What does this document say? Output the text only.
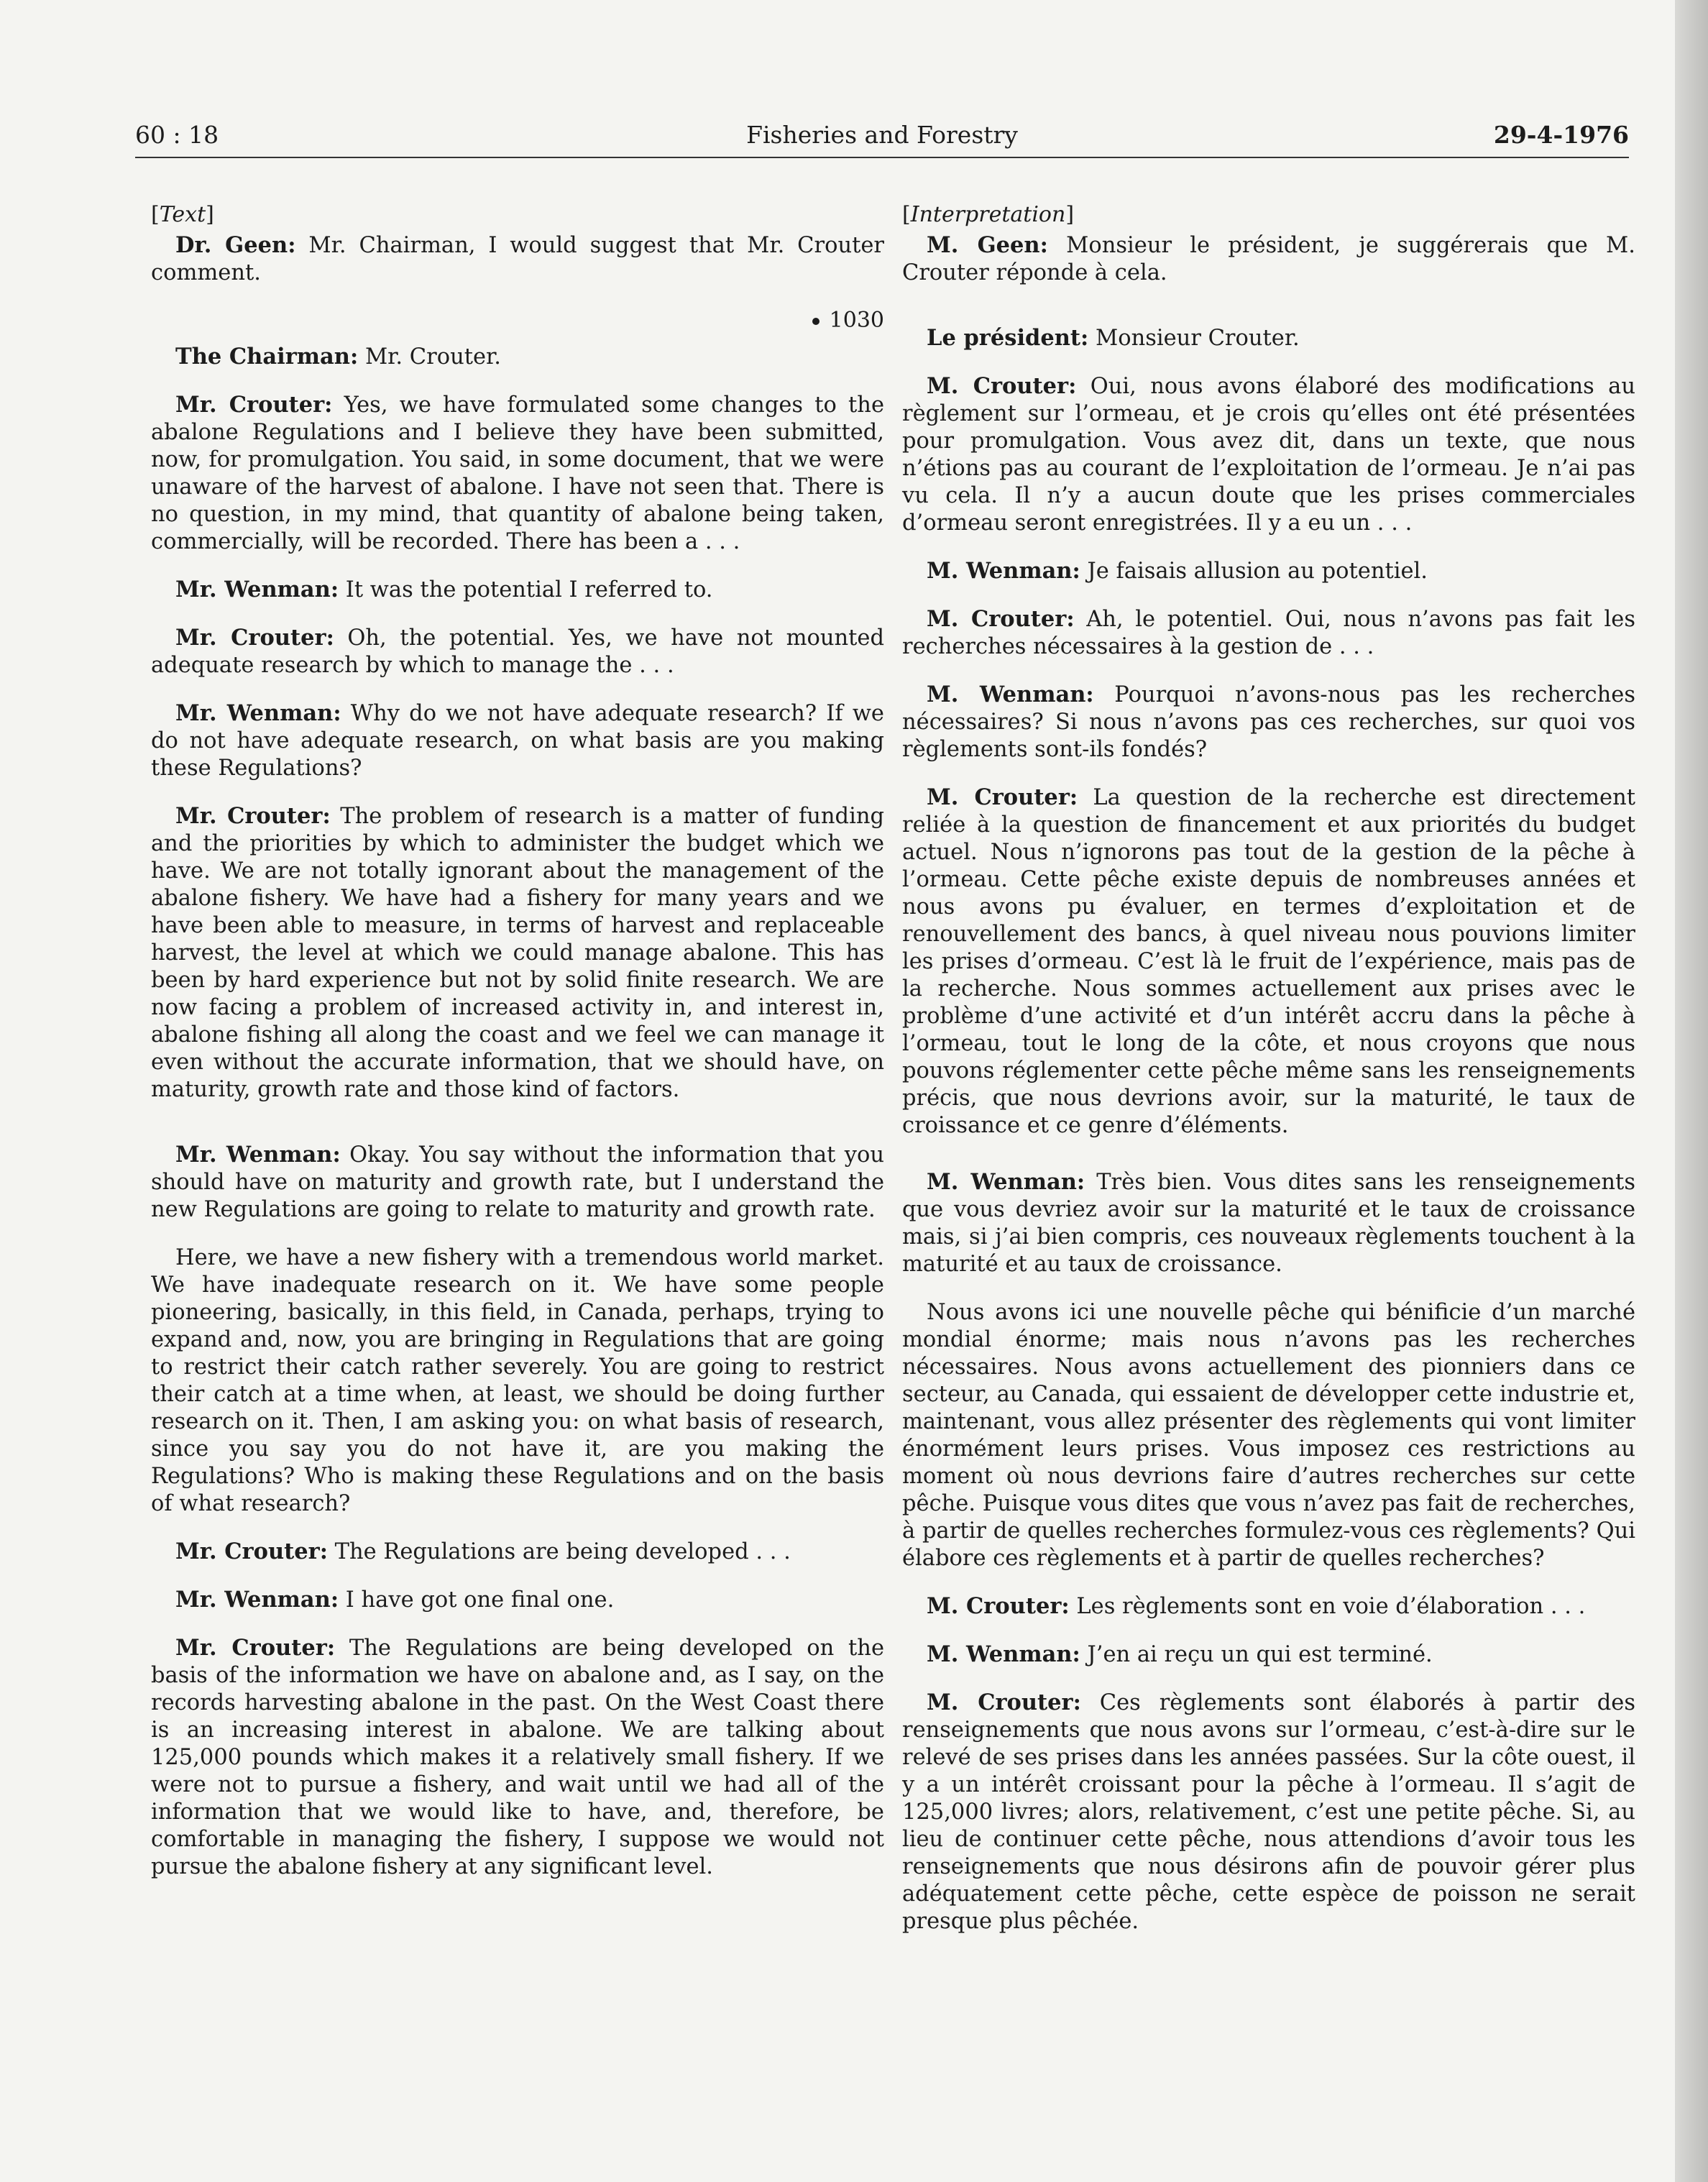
60 : 18	Fisheries and Forestry	29-4-1976
[Text]

Dr. Geen: Mr. Chairman, I would suggest that Mr. Crouter comment.

1030

The Chairman: Mr. Crouter.

Mr. Crouter: Yes, we have formulated some changes to the abalone Regulations and I believe they have been submitted, now, for promulgation. You said, in some document, that we were unaware of the harvest of abalone. I have not seen that. There is no question, in my mind, that quantity of abalone being taken, commercially, will be recorded. There has been a . . .

Mr. Wenman: It was the potential I referred to.

Mr. Crouter: Oh, the potential. Yes, we have not mounted adequate research by which to manage the . . .

Mr. Wenman: Why do we not have adequate research? If we do not have adequate research, on what basis are you making these Regulations?

Mr. Crouter: The problem of research is a matter of funding and the priorities by which to administer the budget which we have. We are not totally ignorant about the management of the abalone fishery. We have had a fishery for many years and we have been able to measure, in terms of harvest and replaceable harvest, the level at which we could manage abalone. This has been by hard experience but not by solid finite research. We are now facing a problem of increased activity in, and interest in, abalone fishing all along the coast and we feel we can manage it even without the accurate information, that we should have, on maturity, growth rate and those kind of factors.

Mr. Wenman: Okay. You say without the information that you should have on maturity and growth rate, but I understand the new Regulations are going to relate to maturity and growth rate.

Here, we have a new fishery with a tremendous world market. We have inadequate research on it. We have some people pioneering, basically, in this field, in Canada, perhaps, trying to expand and, now, you are bringing in Regulations that are going to restrict their catch rather severely. You are going to restrict their catch at a time when, at least, we should be doing further research on it. Then, I am asking you: on what basis of research, since you say you do not have it, are you making the Regulations? Who is making these Regulations and on the basis of what research?

Mr. Crouter: The Regulations are being developed . . .

Mr. Wenman: I have got one final one.

Mr. Crouter: The Regulations are being developed on the basis of the information we have on abalone and, as I say, on the records harvesting abalone in the past. On the West Coast there is an increasing interest in abalone. We are talking about 125,000 pounds which makes it a relatively small fishery. If we were not to pursue a fishery, and wait until we had all of the information that we would like to have, and, therefore, be comfortable in managing the fishery, I suppose we would not pursue the abalone fishery at any significant level.

[Interpretation]

M. Geen: Monsieur le président, je suggérerais que M. Crouter réponde à cela.

Le président: Monsieur Crouter.

M. Crouter: Oui, nous avons élaboré des modifications au règlement sur l’ormeau, et je crois qu’elles ont été présentées pour promulgation. Vous avez dit, dans un texte, que nous n’étions pas au courant de l’exploitation de l’ormeau. Je n’ai pas vu cela. Il n’y a aucun doute que les prises commerciales d’ormeau seront enregistrées. Il y a eu un . . .

M. Wenman: Je faisais allusion au potentiel.

M. Crouter: Ah, le potentiel. Oui, nous n’avons pas fait les recherches nécessaires à la gestion de . . .

M. Wenman: Pourquoi n’avons-nous pas les recherches nécessaires? Si nous n’avons pas ces recherches, sur quoi vos règlements sont-ils fondés?

M. Crouter: La question de la recherche est directement reliée à la question de financement et aux priorités du budget actuel. Nous n’ignorons pas tout de la gestion de la pêche à l’ormeau. Cette pêche existe depuis de nombreuses années et nous avons pu évaluer, en termes d’exploitation et de renouvellement des bancs, à quel niveau nous pouvions limiter les prises d’ormeau. C’est là le fruit de l’expérience, mais pas de la recherche. Nous sommes actuellement aux prises avec le problème d’une activité et d’un intérêt accru dans la pêche à l’ormeau, tout le long de la côte, et nous croyons que nous pouvons réglementer cette pêche même sans les renseignements précis, que nous devrions avoir, sur la maturité, le taux de croissance et ce genre d’éléments.

M. Wenman: Très bien. Vous dites sans les renseignements que vous devriez avoir sur la maturité et le taux de croissance mais, si j’ai bien compris, ces nouveaux règlements touchent à la maturité et au taux de croissance.

Nous avons ici une nouvelle pêche qui bénificie d’un marché mondial énorme; mais nous n’avons pas les recherches nécessaires. Nous avons actuellement des pionniers dans ce secteur, au Canada, qui essaient de développer cette industrie et, maintenant, vous allez présenter des règlements qui vont limiter énormément leurs prises. Vous imposez ces restrictions au moment où nous devrions faire d’autres recherches sur cette pêche. Puisque vous dites que vous n’avez pas fait de recherches, à partir de quelles recherches formulez-vous ces règlements? Qui élabore ces règlements et à partir de quelles recherches?

M. Crouter: Les règlements sont en voie d’élaboration . . .

M. Wenman: J’en ai reçu un qui est terminé.

M. Crouter: Ces règlements sont élaborés à partir des renseignements que nous avons sur l’ormeau, c’est-à-dire sur le relevé de ses prises dans les années passées. Sur la côte ouest, il y a un intérêt croissant pour la pêche à l’ormeau. Il s’agit de 125,000 livres; alors, relativement, c’est une petite pêche. Si, au lieu de continuer cette pêche, nous attendions d’avoir tous les renseignements que nous désirons afin de pouvoir gérer plus adéquatement cette pêche, cette espèce de poisson ne serait presque plus pêchée.
